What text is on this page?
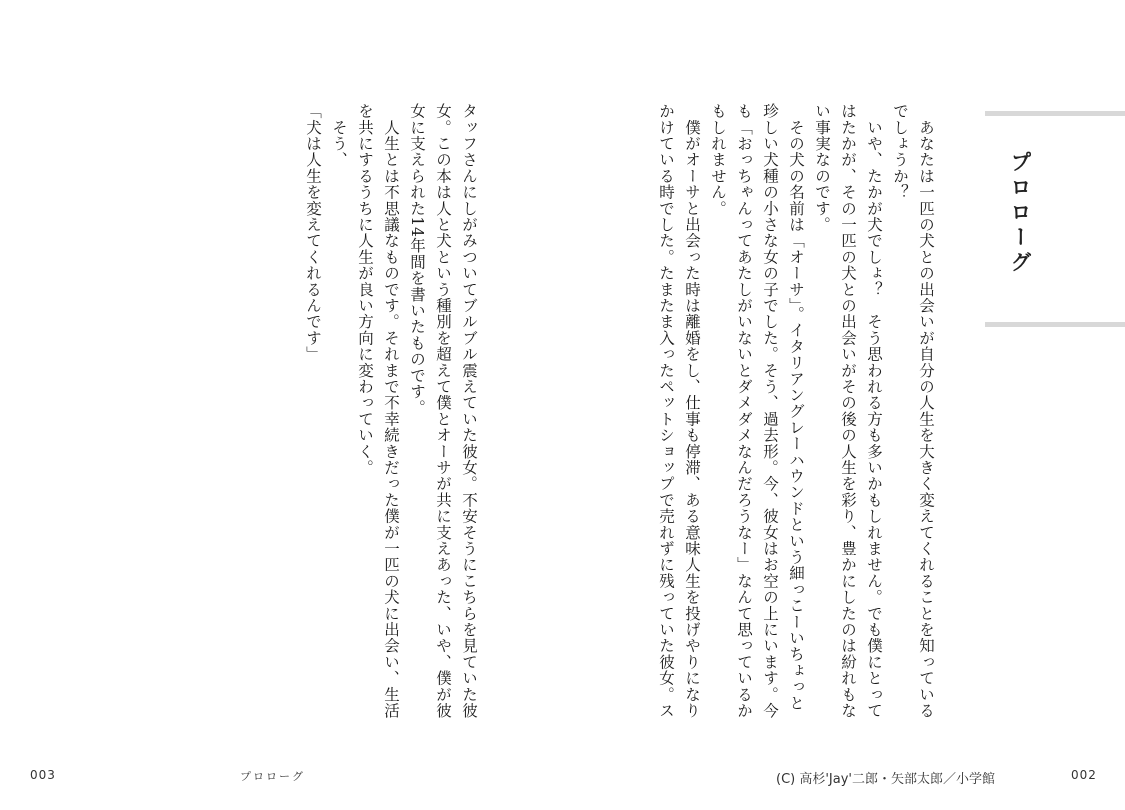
　あなたは一匹の犬との出会いが自分の人生を大きく変えてくれることを知っている
でしょうか？
　いや、たかが犬でしょ？　そう思われる方も多いかもしれません。でも僕にとって
はたかが、その一匹の犬との出会いがその後の人生を彩り、豊かにしたのは紛れもな
い事実なのです。
　その犬の名前は「オーサ」。イタリアングレーハウンドという細っこーいちょっと
珍しい犬種の小さな女の子でした。そう、過去形。今、彼女はお空の上にいます。今
も「おっちゃんってあたしがいないとダメダメなんだろうなー」なんて思っているか
もしれません。
　僕がオーサと出会った時は離婚をし、仕事も停滞、ある意味人生を投げやりになり
かけている時でした。たまたま入ったペットショップで売れずに残っていた彼女。ス
タッフさんにしがみついてブルブル震えていた彼女。不安そうにこちらを見ていた彼
女。この本は人と犬という種別を超えて僕とオーサが共に支えあった、いや、僕が彼
女に支えられた14年間を書いたものです。
　人生とは不思議なものです。それまで不幸続きだった僕が一匹の犬に出会い、生活
を共にするうちに人生が良い方向に変わっていく。
　そう、
「犬は人生を変えてくれるんです」	プロローグ
003	プロローグ	(C) 高杉'Jay'二郎・矢部太郎／小学館	002
